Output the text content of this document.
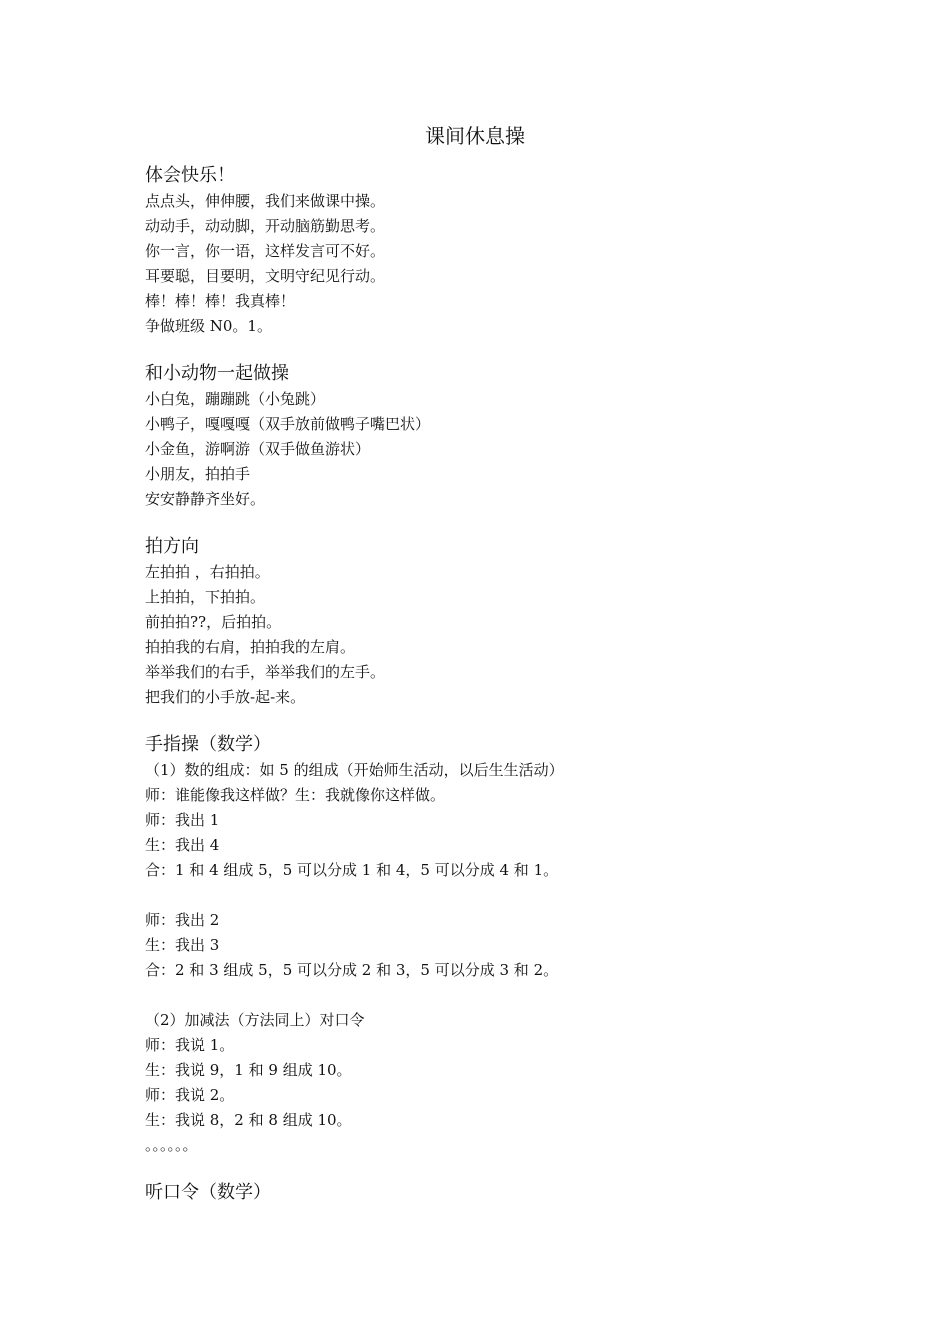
课间休息操
体会快乐！
点点头，伸伸腰，我们来做课中操。
动动手，动动脚，开动脑筋勤思考。
你一言，你一语，这样发言可不好。
耳要聪，目要明，文明守纪见行动。
棒！棒！棒！我真棒！
争做班级 N0。1。
和小动物一起做操
小白兔，蹦蹦跳（小兔跳）
小鸭子，嘎嘎嘎（双手放前做鸭子嘴巴状）
小金鱼，游啊游（双手做鱼游状）
小朋友，拍拍手
安安静静齐坐好。
拍方向
左拍拍 ，右拍拍。
上拍拍，下拍拍。
前拍拍??，后拍拍。
拍拍我的右肩，拍拍我的左肩。
举举我们的右手，举举我们的左手。
把我们的小手放-起-来。
手指操（数学）
（1）数的组成：如 5 的组成（开始师生活动，以后生生活动）
师：谁能像我这样做？生：我就像你这样做。
师：我出 1
生：我出 4
合：1 和 4 组成 5，5 可以分成 1 和 4，5 可以分成 4 和 1。
师：我出 2
生：我出 3
合：2 和 3 组成 5，5 可以分成 2 和 3，5 可以分成 3 和 2。
（2）加减法（方法同上）对口令
师：我说 1。
生：我说 9，1 和 9 组成 10。
师：我说 2。
生：我说 8，2 和 8 组成 10。
。。。。。。
听口令（数学）
